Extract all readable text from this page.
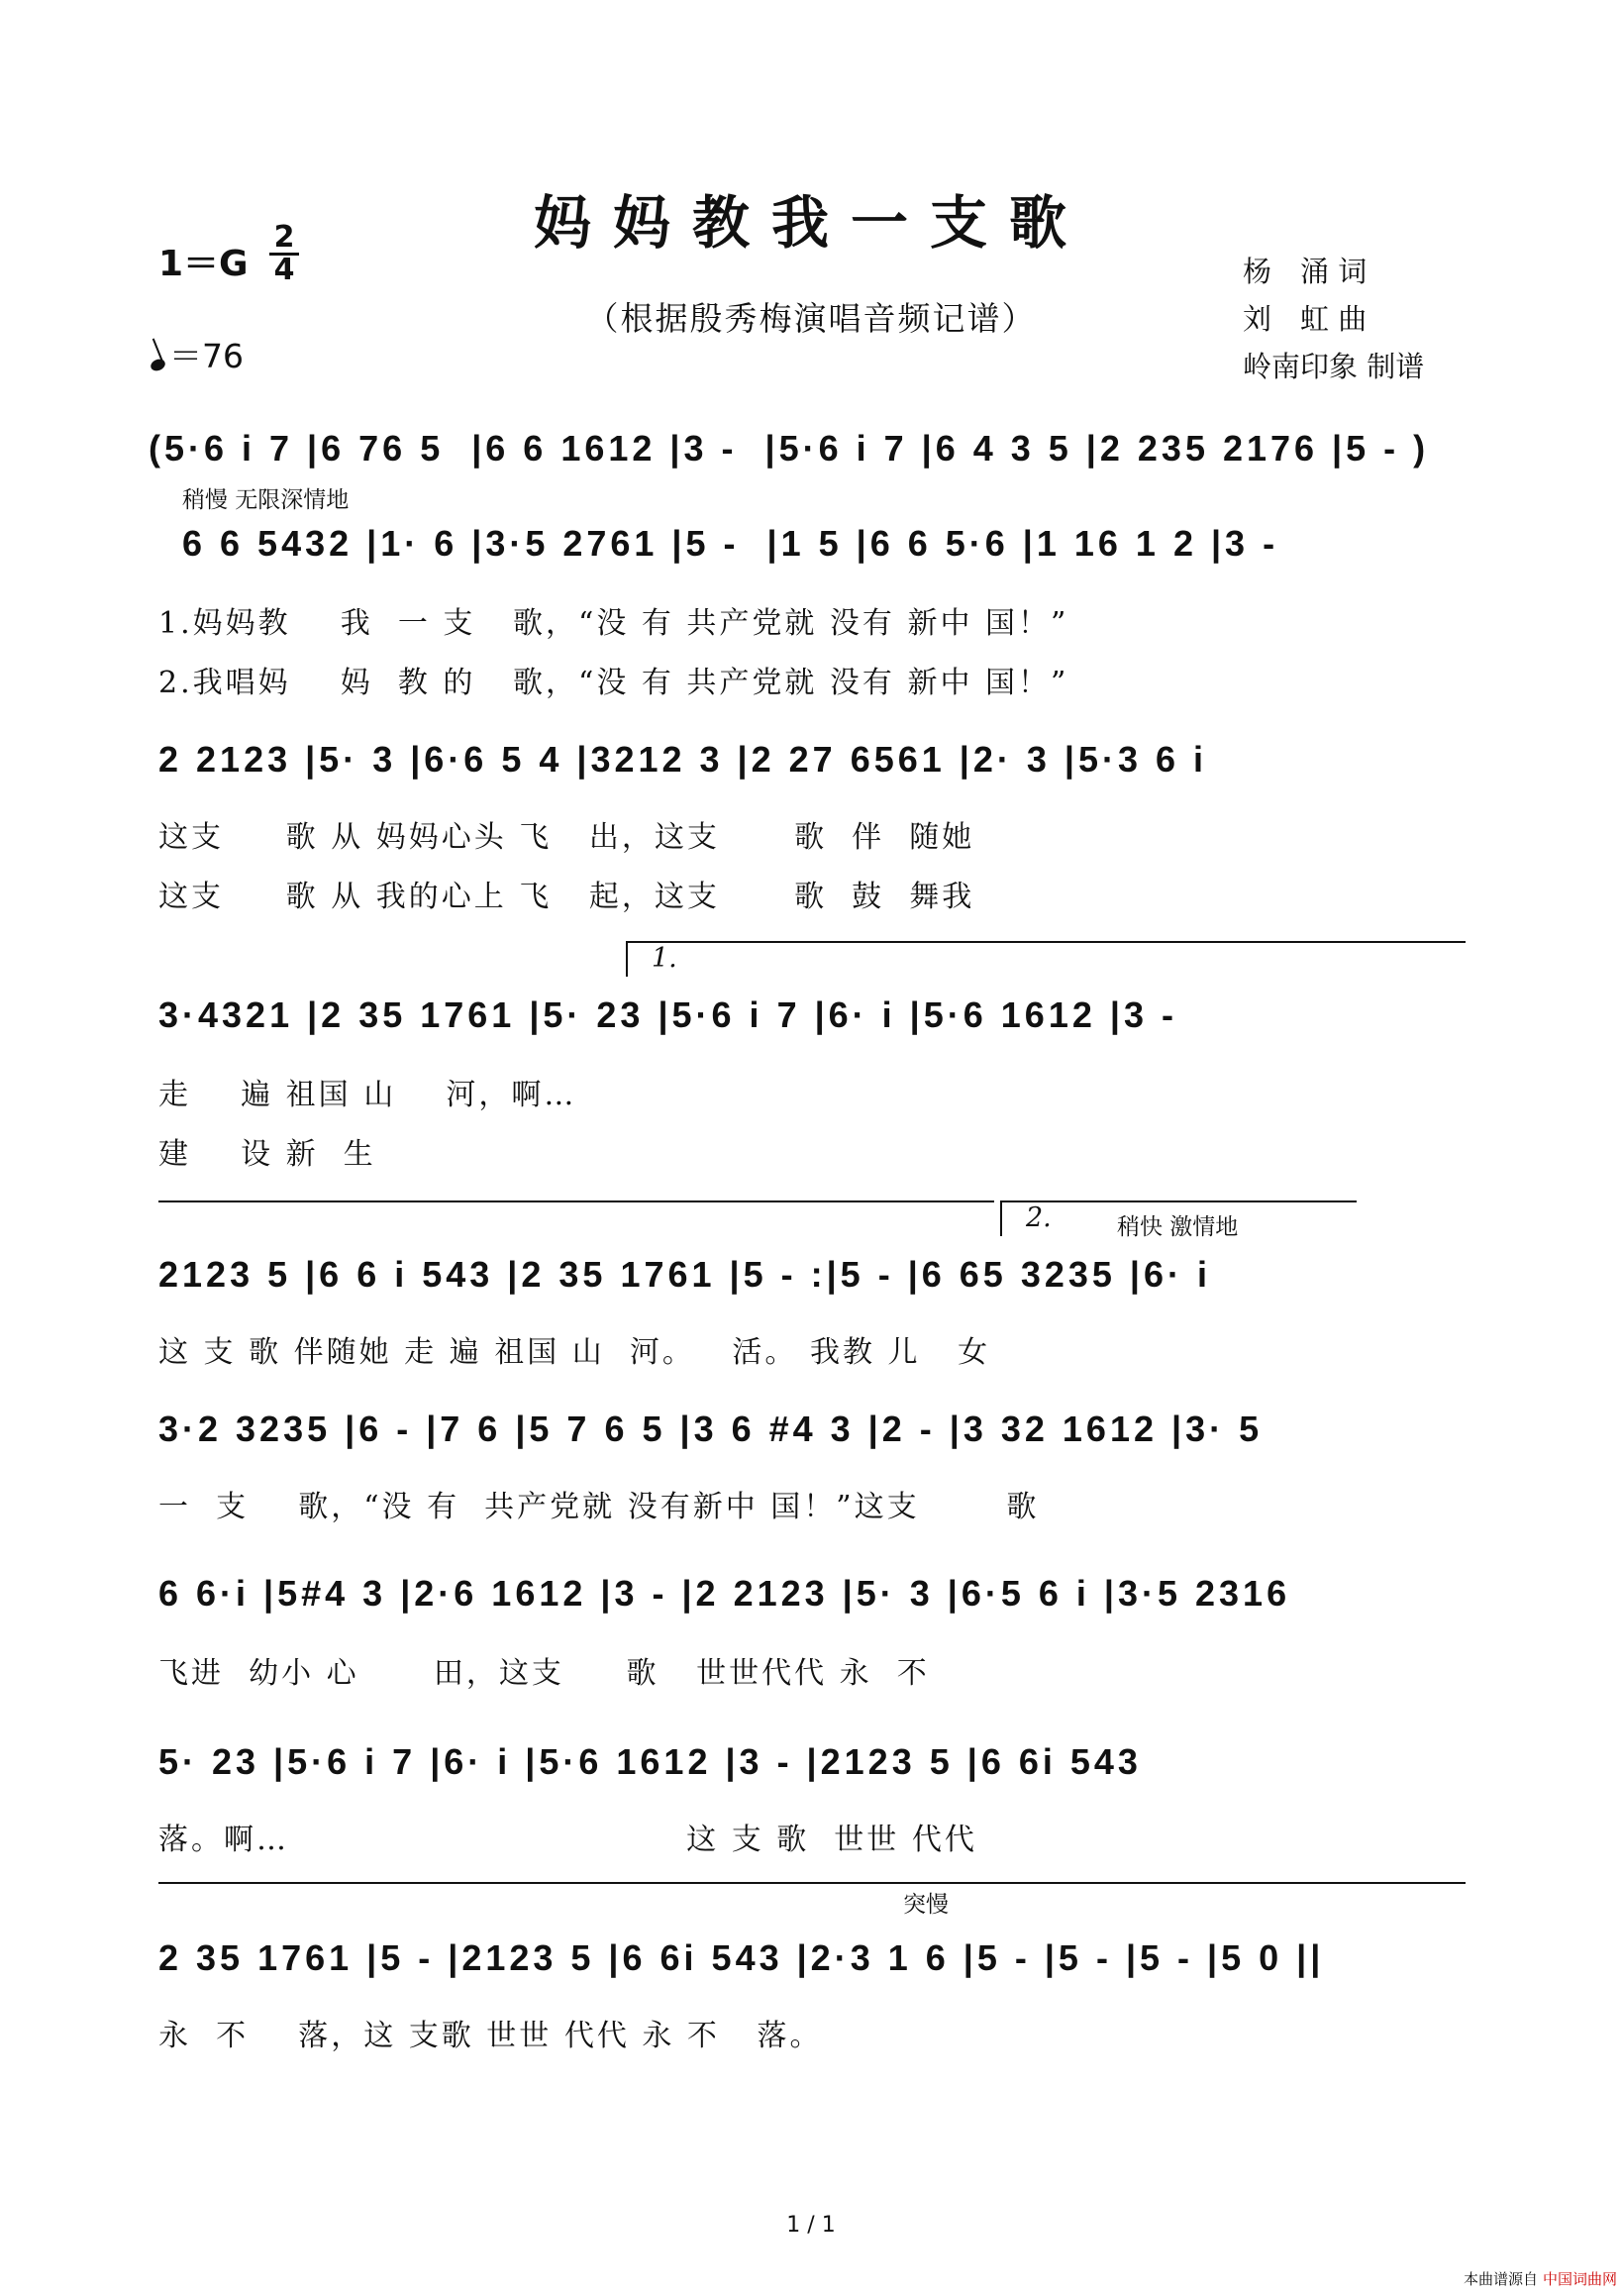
妈妈教我一支歌
（根据殷秀梅演唱音频记谱）
1＝G
2
4
＝76
杨　涌 词
刘　虹 曲
岭南印象 制谱
(5·6 i 7 |6 76 5  |6 6 1612 |3 -  |5·6 i 7 |6 4 3 5 |2 235 2176 |5 - )
稍慢 无限深情地
6 6 5432 |1· 6 |3·5 2761 |5 -  |1 5 |6 6 5·6 |1 16 1 2 |3 -
1.妈妈教    我  一 支   歌，“没 有 共产党就 没有 新中 国！”
2.我唱妈    妈  教 的   歌，“没 有 共产党就 没有 新中 国！”
2 2123 |5· 3 |6·6 5 4 |3212 3 |2 27 6561 |2· 3 |5·3 6 i
这支     歌 从 妈妈心头 飞   出，这支      歌  伴  随她
这支     歌 从 我的心上 飞   起，这支      歌  鼓  舞我
1.
3·4321 |2 35 1761 |5· 23 |5·6 i 7 |6· i |5·6 1612 |3 -
走    遍 祖国 山    河，啊…
建    设 新  生
2.	稍快 激情地
2123 5 |6 6 i 543 |2 35 1761 |5 - :|5 - |6 65 3235 |6· i
这 支 歌 伴随她 走 遍 祖国 山  河。   活。 我教 儿   女
3·2 3235 |6 - |7 6 |5 7 6 5 |3 6 #4 3 |2 - |3 32 1612 |3· 5
一  支    歌，“没 有  共产党就 没有新中 国！”这支       歌
6 6·i |5#4 3 |2·6 1612 |3 - |2 2123 |5· 3 |6·5 6 i |3·5 2316
飞进  幼小 心      田，这支     歌   世世代代 永  不
5· 23 |5·6 i 7 |6· i |5·6 1612 |3 - |2123 5 |6 6i 543
落。啊…                                这 支 歌  世世 代代
突慢
2 35 1761 |5 - |2123 5 |6 6i 543 |2·3 1 6 |5 - |5 - |5 - |5 0 ||
永  不    落，这 支歌 世世 代代 永 不   落。
1 / 1
本曲谱源自 中国词曲网
